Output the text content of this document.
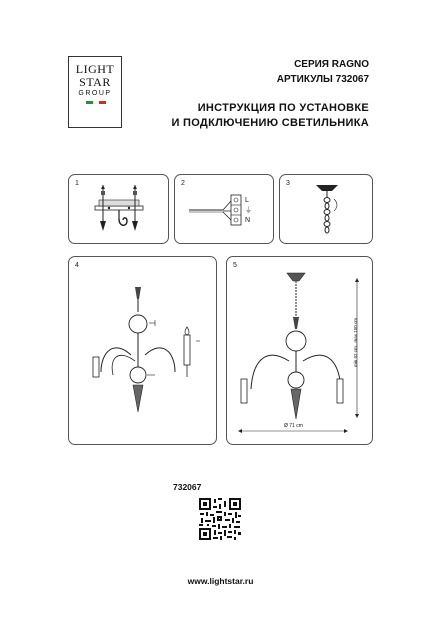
LIGHT
STAR
GROUP
СЕРИЯ RAGNO
АРТИКУЛЫ 732067
ИНСТРУКЦИЯ ПО УСТАНОВКЕ
И ПОДКЛЮЧЕНИЮ СВЕТИЛЬНИКА
1	2
L
⏚
N
3
4	5
min 92 cm...max 150 cm
Ø 71 cm
732067
www.lightstar.ru
